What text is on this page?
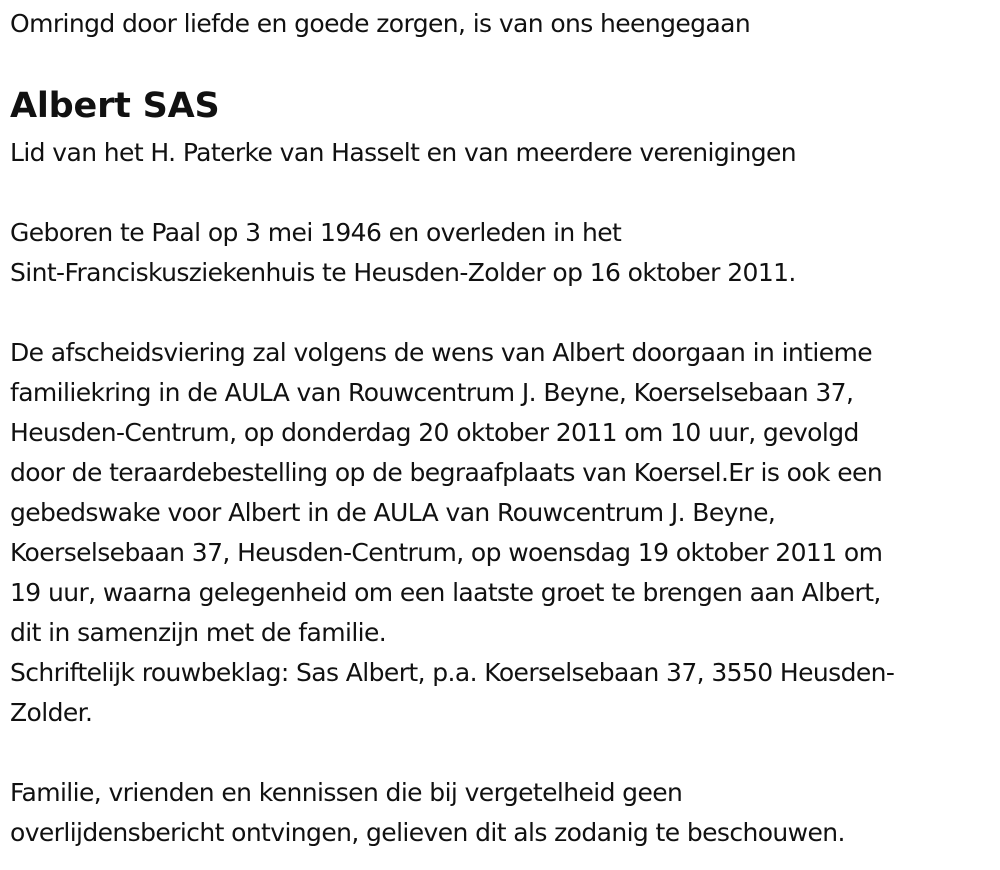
Omringd door liefde en goede zorgen, is van ons heengegaan
Albert SAS
Lid van het H. Paterke van Hasselt en van meerdere verenigingen
Geboren te Paal op 3 mei 1946 en overleden in het
Sint-Franciskusziekenhuis te Heusden-Zolder op 16 oktober 2011.
De afscheidsviering zal volgens de wens van Albert doorgaan in intieme
familiekring in de AULA van Rouwcentrum J. Beyne, Koerselsebaan 37,
Heusden-Centrum, op donderdag 20 oktober 2011 om 10 uur, gevolgd
door de teraardebestelling op de begraafplaats van Koersel.Er is ook een
gebedswake voor Albert in de AULA van Rouwcentrum J. Beyne,
Koerselsebaan 37, Heusden-Centrum, op woensdag 19 oktober 2011 om
19 uur, waarna gelegenheid om een laatste groet te brengen aan Albert,
dit in samenzijn met de familie.
Schriftelijk rouwbeklag: Sas Albert, p.a. Koerselsebaan 37, 3550 Heusden-
Zolder.
Familie, vrienden en kennissen die bij vergetelheid geen
overlijdensbericht ontvingen, gelieven dit als zodanig te beschouwen.
